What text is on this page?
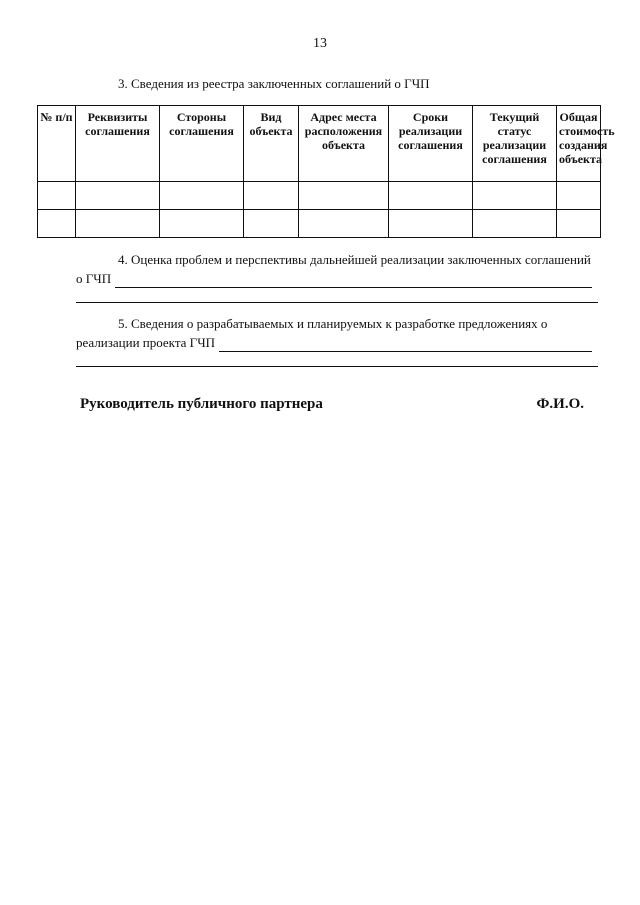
13
3. Сведения из реестра заключенных соглашений о ГЧП
№ п/п	Реквизиты соглашения	Стороны соглашения	Вид объекта	Адрес места расположения объекта	Сроки реализации соглашения	Текущий статус реализации соглашения	Общая стоимость создания объекта

4. Оценка проблем и перспективы дальнейшей реализации заключенных соглашений
о ГЧП
5. Сведения о разрабатываемых и планируемых к разработке предложениях о
реализации проекта ГЧП
Руководитель публичного партнера	Ф.И.О.
